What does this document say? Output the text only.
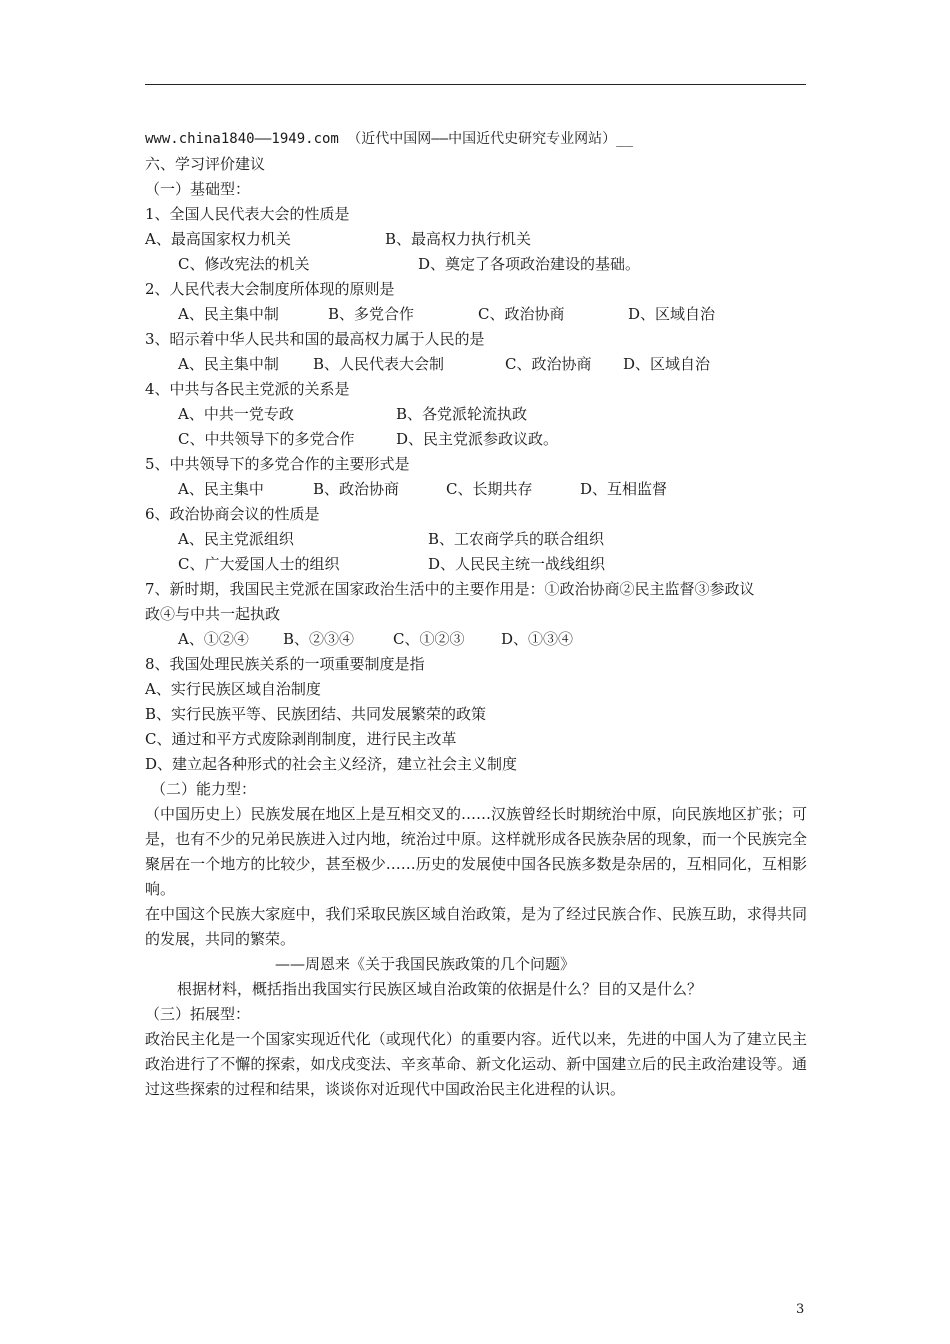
www.china1840——1949.com （近代中国网——中国近代史研究专业网站）__
六、学习评价建议
（一）基础型：
1、全国人民代表大会的性质是
A、最高国家权力机关	B、最高权力执行机关
C、修改宪法的机关	D、奠定了各项政治建设的基础。
2、人民代表大会制度所体现的原则是
A、民主集中制	B、多党合作	C、政治协商	D、区域自治
3、昭示着中华人民共和国的最高权力属于人民的是
A、民主集中制	B、人民代表大会制	C、政治协商	D、区域自治
4、中共与各民主党派的关系是
A、中共一党专政	B、各党派轮流执政
C、中共领导下的多党合作	D、民主党派参政议政。
5、中共领导下的多党合作的主要形式是
A、民主集中	B、政治协商	C、长期共存	D、互相监督
6、政治协商会议的性质是
A、民主党派组织	B、工农商学兵的联合组织
C、广大爱国人士的组织	D、人民民主统一战线组织
7、新时期，我国民主党派在国家政治生活中的主要作用是：①政治协商②民主监督③参政议
政④与中共一起执政
A、①②④	B、②③④	C、①②③	D、①③④
8、我国处理民族关系的一项重要制度是指
A、实行民族区域自治制度
B、实行民族平等、民族团结、共同发展繁荣的政策
C、通过和平方式废除剥削制度，进行民主改革
D、建立起各种形式的社会主义经济，建立社会主义制度
（二）能力型：
（中国历史上）民族发展在地区上是互相交叉的……汉族曾经长时期统治中原，向民族地区扩张；可是，也有不少的兄弟民族进入过内地，统治过中原。这样就形成各民族杂居的现象，而一个民族完全聚居在一个地方的比较少，甚至极少……历史的发展使中国各民族多数是杂居的，互相同化，互相影响。
在中国这个民族大家庭中，我们采取民族区域自治政策，是为了经过民族合作、民族互助，求得共同的发展，共同的繁荣。
——周恩来《关于我国民族政策的几个问题》
根据材料，概括指出我国实行民族区域自治政策的依据是什么？目的又是什么？
（三）拓展型：
政治民主化是一个国家实现近代化（或现代化）的重要内容。近代以来，先进的中国人为了建立民主政治进行了不懈的探索，如戊戌变法、辛亥革命、新文化运动、新中国建立后的民主政治建设等。通过这些探索的过程和结果，谈谈你对近现代中国政治民主化进程的认识。
3
